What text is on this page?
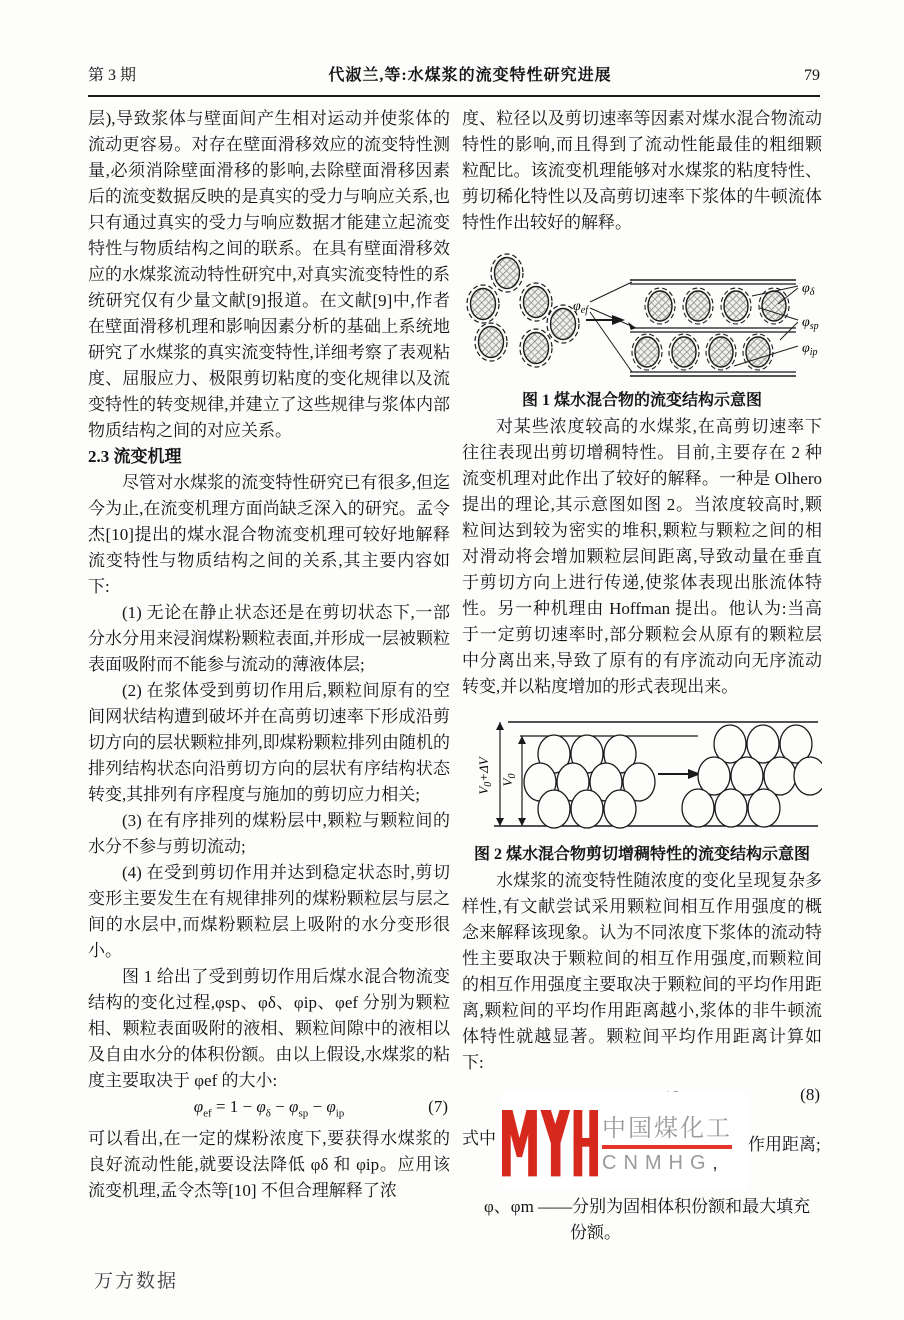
第 3 期	代淑兰,等:水煤浆的流变特性研究进展	79

层),导致浆体与壁面间产生相对运动并使浆体的流动更容易。对存在壁面滑移效应的流变特性测量,必须消除壁面滑移的影响,去除壁面滑移因素后的流变数据反映的是真实的受力与响应关系,也只有通过真实的受力与响应数据才能建立起流变特性与物质结构之间的联系。在具有壁面滑移效应的水煤浆流动特性研究中,对真实流变特性的系统研究仅有少量文献[9]报道。在文献[9]中,作者在壁面滑移机理和影响因素分析的基础上系统地研究了水煤浆的真实流变特性,详细考察了表观粘度、屈服应力、极限剪切粘度的变化规律以及流变特性的转变规律,并建立了这些规律与浆体内部物质结构之间的对应关系。

2.3 流变机理

尽管对水煤浆的流变特性研究已有很多,但迄今为止,在流变机理方面尚缺乏深入的研究。孟令杰[10]提出的煤水混合物流变机理可较好地解释流变特性与物质结构之间的关系,其主要内容如下:

(1) 无论在静止状态还是在剪切状态下,一部分水分用来浸润煤粉颗粒表面,并形成一层被颗粒表面吸附而不能参与流动的薄液体层;

(2) 在浆体受到剪切作用后,颗粒间原有的空间网状结构遭到破坏并在高剪切速率下形成沿剪切方向的层状颗粒排列,即煤粉颗粒排列由随机的排列结构状态向沿剪切方向的层状有序结构状态转变,其排列有序程度与施加的剪切应力相关;

(3) 在有序排列的煤粉层中,颗粒与颗粒间的水分不参与剪切流动;

(4) 在受到剪切作用并达到稳定状态时,剪切变形主要发生在有规律排列的煤粉颗粒层与层之间的水层中,而煤粉颗粒层上吸附的水分变形很小。

图 1 给出了受到剪切作用后煤水混合物流变结构的变化过程,φsp、φδ、φip、φef 分别为颗粒相、颗粒表面吸附的液相、颗粒间隙中的液相以及自由水分的体积份额。由以上假设,水煤浆的粘度主要取决于 φef 的大小:

$\varphi_{ef} = 1 - \varphi_\delta - \varphi_{sp} - \varphi_{ip}$	(7)

可以看出,在一定的煤粉浓度下,要获得水煤浆的良好流动性能,就要设法降低 φδ 和 φip。应用该流变机理,孟令杰等[10] 不但合理解释了浓

度、粒径以及剪切速率等因素对煤水混合物流动特性的影响,而且得到了流动性能最佳的粗细颗粒配比。该流变机理能够对水煤浆的粘度特性、剪切稀化特性以及高剪切速率下浆体的牛顿流体特性作出较好的解释。

φef
φδ
φsp
φip
图 1 煤水混合物的流变结构示意图

对某些浓度较高的水煤浆,在高剪切速率下往往表现出剪切增稠特性。目前,主要存在 2 种流变机理对此作出了较好的解释。一种是 Olhero 提出的理论,其示意图如图 2。当浓度较高时,颗粒间达到较为密实的堆积,颗粒与颗粒之间的相对滑动将会增加颗粒层间距离,导致动量在垂直于剪切方向上进行传递,使浆体表现出胀流体特性。另一种机理由 Hoffman 提出。他认为:当高于一定剪切速率时,部分颗粒会从原有的颗粒层中分离出来,导致了原有的有序流动向无序流动转变,并以粘度增加的形式表现出来。

V0+ΔV
V0
图 2 煤水混合物剪切增稠特性的流变结构示意图

水煤浆的流变特性随浓度的变化呈现复杂多样性,有文献尝试采用颗粒间相互作用强度的概念来解释该现象。认为不同浓度下浆体的流动特性主要取决于颗粒间的相互作用强度,而颗粒间的相互作用强度主要取决于颗粒间的平均作用距离,颗粒间的平均作用距离越小,浆体的非牛顿流体特性就越显著。颗粒间平均作用距离计算如下:

(8)
式中	作用距离;
中国煤化工
CNMHG,
φ、φm ——分别为固相体积份额和最大填充
份额。
万方数据
